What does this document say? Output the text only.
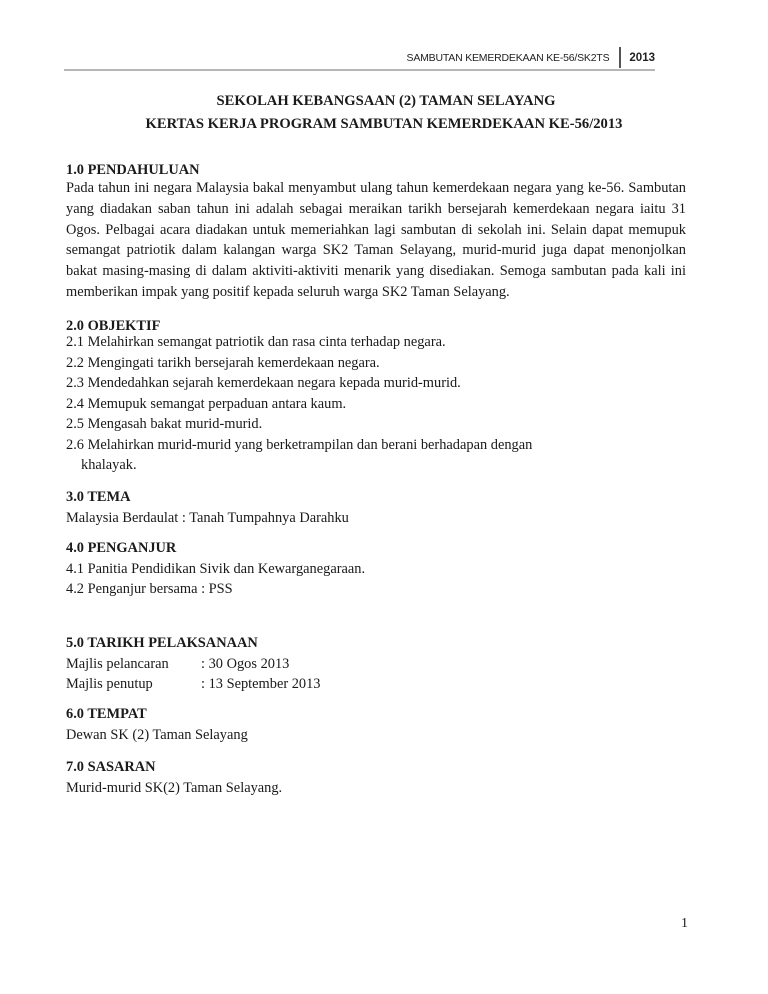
SAMBUTAN KEMERDEKAAN KE-56/SK2TS 2013
SEKOLAH KEBANGSAAN (2) TAMAN SELAYANG
KERTAS KERJA PROGRAM SAMBUTAN KEMERDEKAAN KE-56/2013
1.0 PENDAHULUAN
Pada tahun ini negara Malaysia bakal menyambut ulang tahun kemerdekaan negara yang ke-56. Sambutan yang diadakan saban tahun ini adalah sebagai meraikan tarikh bersejarah kemerdekaan negara iaitu 31 Ogos. Pelbagai acara diadakan untuk memeriahkan lagi sambutan di sekolah ini. Selain dapat memupuk semangat patriotik dalam kalangan warga SK2 Taman Selayang, murid-murid juga dapat menonjolkan bakat masing-masing di dalam aktiviti-aktiviti menarik yang disediakan. Semoga sambutan pada kali ini memberikan impak yang positif kepada seluruh warga SK2 Taman Selayang.
2.0 OBJEKTIF
2.1 Melahirkan semangat patriotik dan rasa cinta terhadap negara.
2.2 Mengingati tarikh bersejarah kemerdekaan negara.
2.3 Mendedahkan sejarah kemerdekaan negara kepada murid-murid.
2.4 Memupuk semangat perpaduan antara kaum.
2.5 Mengasah bakat murid-murid.
2.6 Melahirkan murid-murid yang berketrampilan dan berani berhadapan dengan
khalayak.
3.0 TEMA
Malaysia Berdaulat : Tanah Tumpahnya Darahku
4.0 PENGANJUR
4.1 Panitia Pendidikan Sivik dan Kewarganegaraan.
4.2 Penganjur bersama : PSS
5.0 TARIKH PELAKSANAAN
Majlis pelancaran	: 30 Ogos 2013
Majlis penutup	: 13 September 2013
6.0 TEMPAT
Dewan SK (2) Taman Selayang
7.0 SASARAN
Murid-murid SK(2) Taman Selayang.
1
